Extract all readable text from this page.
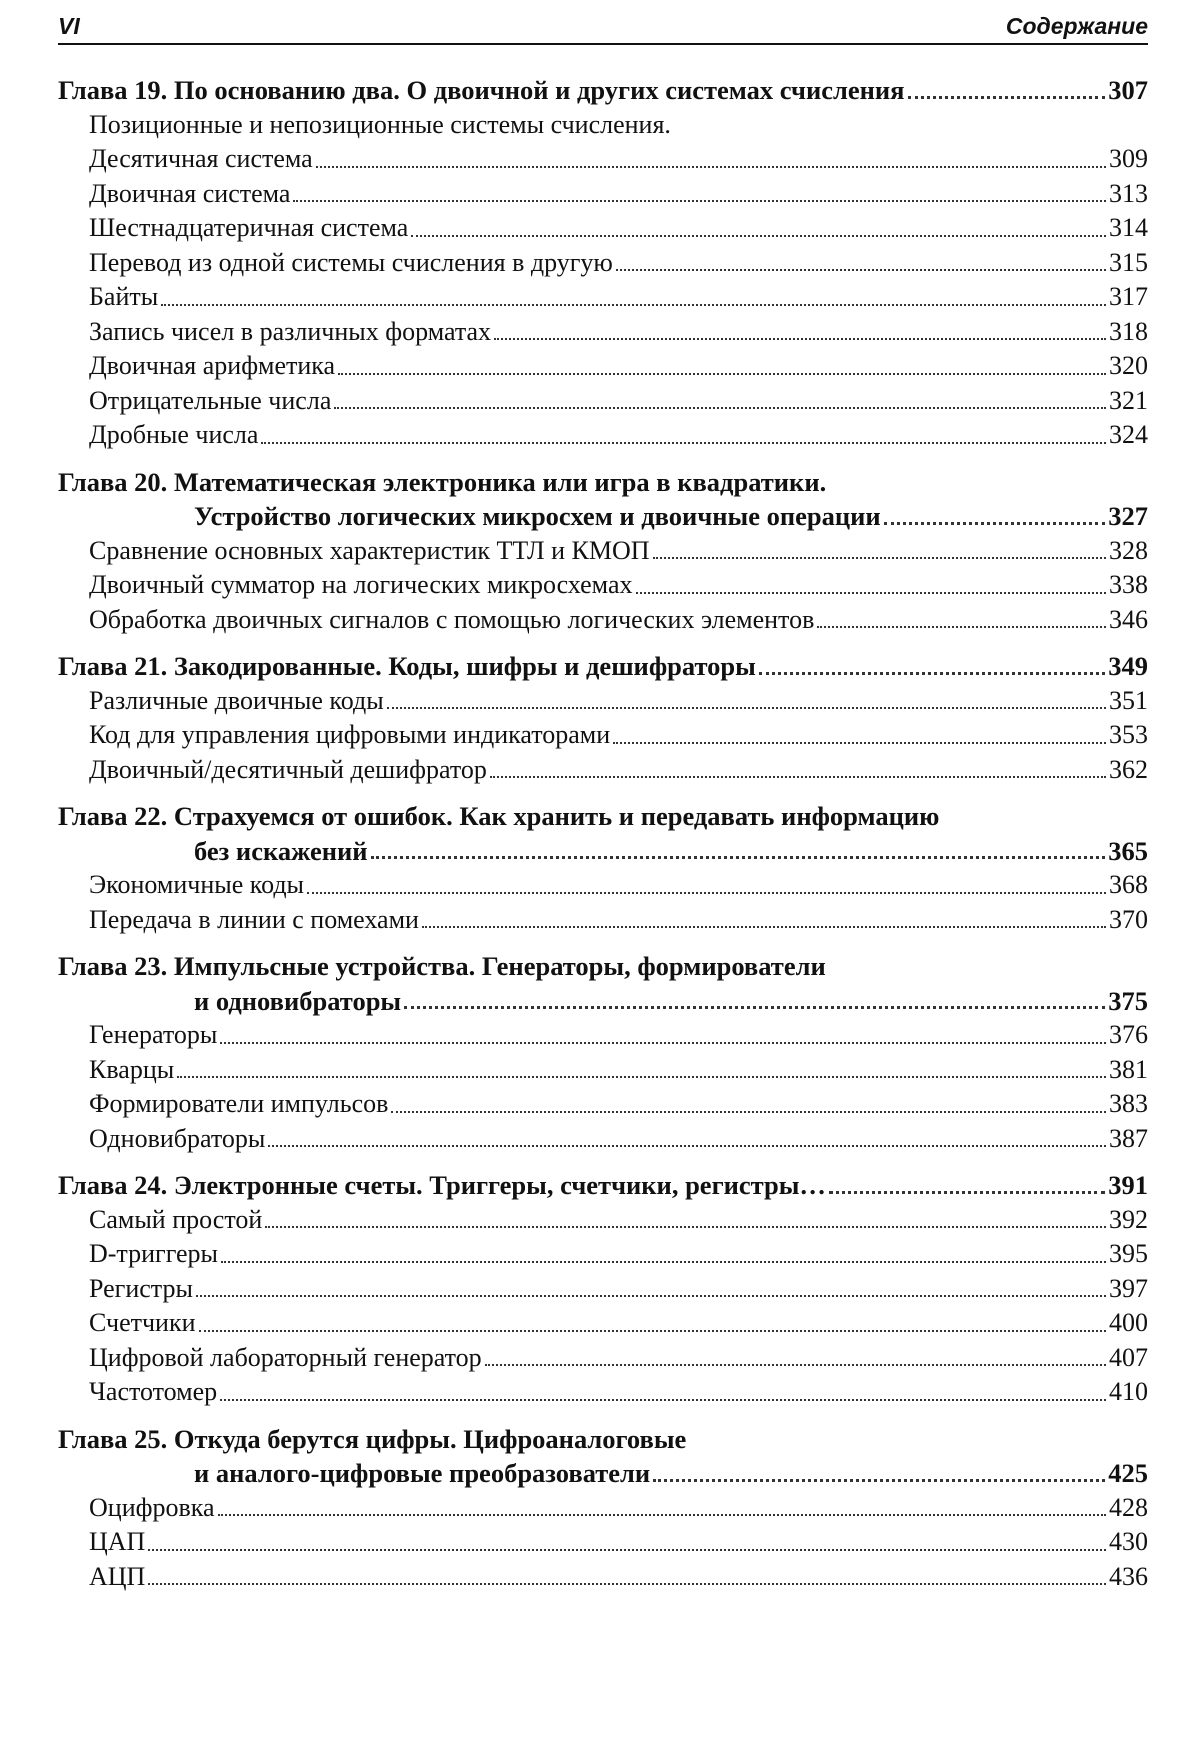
VI	Содержание
Глава 19. По основанию два. О двоичной и других системах счисления	307
Позиционные и непозиционные системы счисления.
Десятичная система	309
Двоичная система	313
Шестнадцатеричная система	314
Перевод из одной системы счисления в другую	315
Байты	317
Запись чисел в различных форматах	318
Двоичная арифметика	320
Отрицательные числа	321
Дробные числа	324
Глава 20. Математическая электроника или игра в квадратики.
Устройство логических микросхем и двоичные операции	327
Сравнение основных характеристик ТТЛ и КМОП	328
Двоичный сумматор на логических микросхемах	338
Обработка двоичных сигналов с помощью логических элементов	346
Глава 21. Закодированные. Коды, шифры и дешифраторы	349
Различные двоичные коды	351
Код для управления цифровыми индикаторами	353
Двоичный/десятичный дешифратор	362
Глава 22. Страхуемся от ошибок. Как хранить и передавать информацию
без искажений	365
Экономичные коды	368
Передача в линии с помехами	370
Глава 23. Импульсные устройства. Генераторы, формирователи
и одновибраторы	375
Генераторы	376
Кварцы	381
Формирователи импульсов	383
Одновибраторы	387
Глава 24. Электронные счеты. Триггеры, счетчики, регистры…	391
Самый простой	392
D-триггеры	395
Регистры	397
Счетчики	400
Цифровой лабораторный генератор	407
Частотомер	410
Глава 25. Откуда берутся цифры. Цифроаналоговые
и аналого-цифровые преобразователи	425
Оцифровка	428
ЦАП	430
АЦП	436
